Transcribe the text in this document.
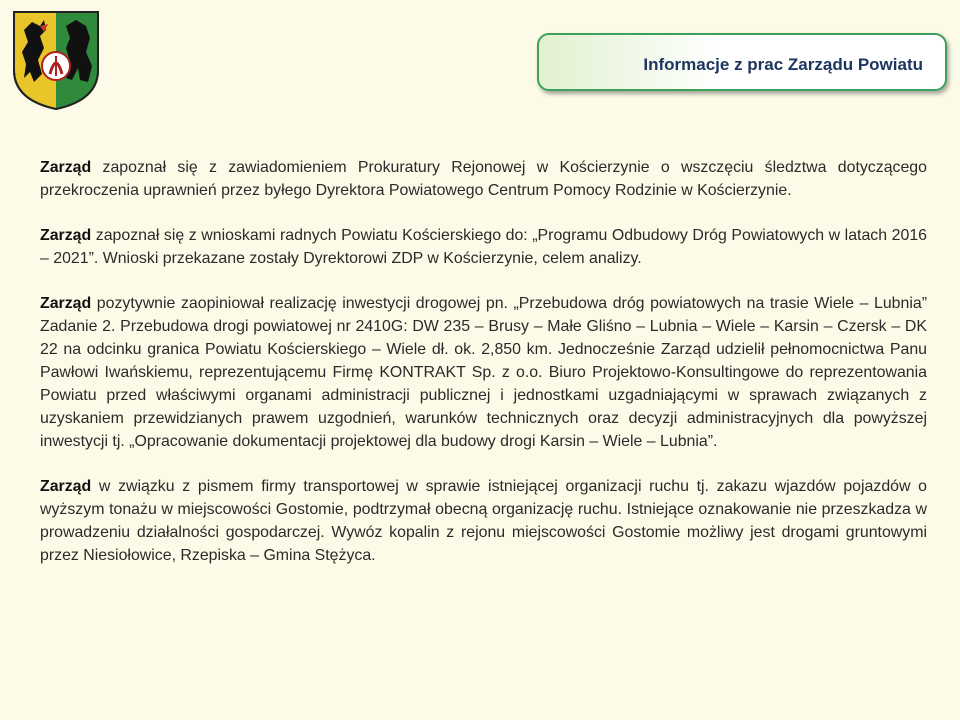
Informacje z prac Zarządu Powiatu

Zarząd zapoznał się z zawiadomieniem Prokuratury Rejonowej w Kościerzynie o wszczęciu śledztwa dotyczącego przekroczenia uprawnień przez byłego Dyrektora Powiatowego Centrum Pomocy Rodzinie w Kościerzynie.

Zarząd zapoznał się z wnioskami radnych Powiatu Kościerskiego do: „Programu Odbudowy Dróg Powiatowych w latach 2016 – 2021”. Wnioski przekazane zostały Dyrektorowi ZDP w Kościerzynie, celem analizy.

Zarząd pozytywnie zaopiniował realizację inwestycji drogowej pn. „Przebudowa dróg powiatowych na trasie Wiele – Lubnia” Zadanie 2. Przebudowa drogi powiatowej nr 2410G: DW 235 – Brusy – Małe Gliśno – Lubnia – Wiele – Karsin – Czersk – DK 22 na odcinku granica Powiatu Kościerskiego – Wiele dł. ok. 2,850 km. Jednocześnie Zarząd udzielił pełnomocnictwa Panu Pawłowi Iwańskiemu, reprezentującemu Firmę KONTRAKT Sp. z o.o. Biuro Projektowo-Konsultingowe do reprezentowania Powiatu przed właściwymi organami administracji publicznej i jednostkami uzgadniającymi w sprawach związanych z uzyskaniem przewidzianych prawem uzgodnień, warunków technicznych oraz decyzji administracyjnych dla powyższej inwestycji tj. „Opracowanie dokumentacji projektowej dla budowy drogi Karsin – Wiele – Lubnia”.

Zarząd w związku z pismem firmy transportowej w sprawie istniejącej organizacji ruchu tj. zakazu wjazdów pojazdów o wyższym tonażu w miejscowości Gostomie, podtrzymał obecną organizację ruchu. Istniejące oznakowanie nie przeszkadza w prowadzeniu działalności gospodarczej. Wywóz kopalin z rejonu miejscowości Gostomie możliwy jest drogami gruntowymi przez Niesiołowice, Rzepiska – Gmina Stężyca.
